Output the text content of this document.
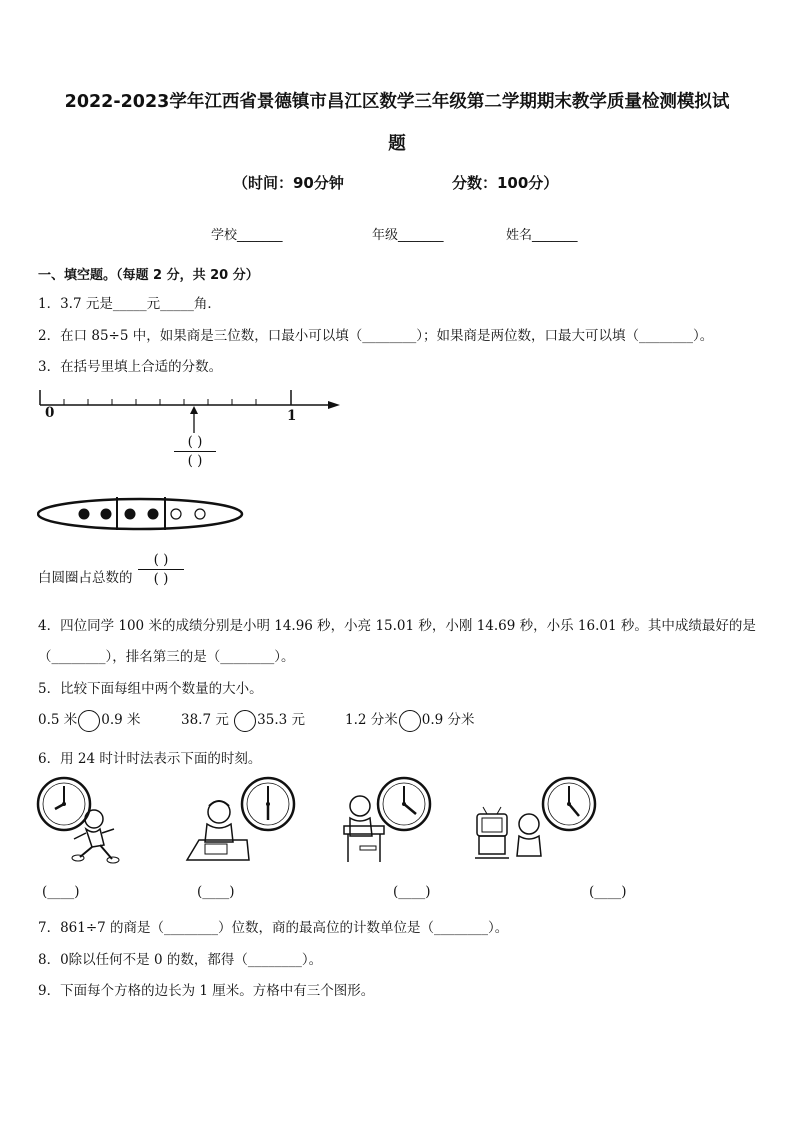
2022-2023学年江西省景德镇市昌江区数学三年级第二学期期末教学质量检测模拟试
题
（时间：90分钟	分数：100分）
学校_______	年级_______	姓名_______
一、填空题。（每题 2 分，共 20 分）
1．3.7 元是_____元_____角．
2．在口 85÷5 中，如果商是三位数，口最小可以填（________）；如果商是两位数，口最大可以填（________）。
3．在括号里填上合适的分数。
0	1
( )
( )
白圆圈占总数的
( )
( )
4．四位同学 100 米的成绩分别是小明 14.96 秒，小亮 15.01 秒，小刚 14.69 秒，小乐 16.01 秒。其中成绩最好的是
（________），排名第三的是（________）。
5．比较下面每组中两个数量的大小。
0.5 米 0.9 米	38.7 元 35.3 元	1.2 分米 0.9 分米
6．用 24 时计时法表示下面的时刻。
(____)	(____)	(____)	(____)
7．861÷7 的商是（________）位数，商的最高位的计数单位是（________）。
8．0除以任何不是 0 的数，都得（________）。
9．下面每个方格的边长为 1 厘米。方格中有三个图形。
